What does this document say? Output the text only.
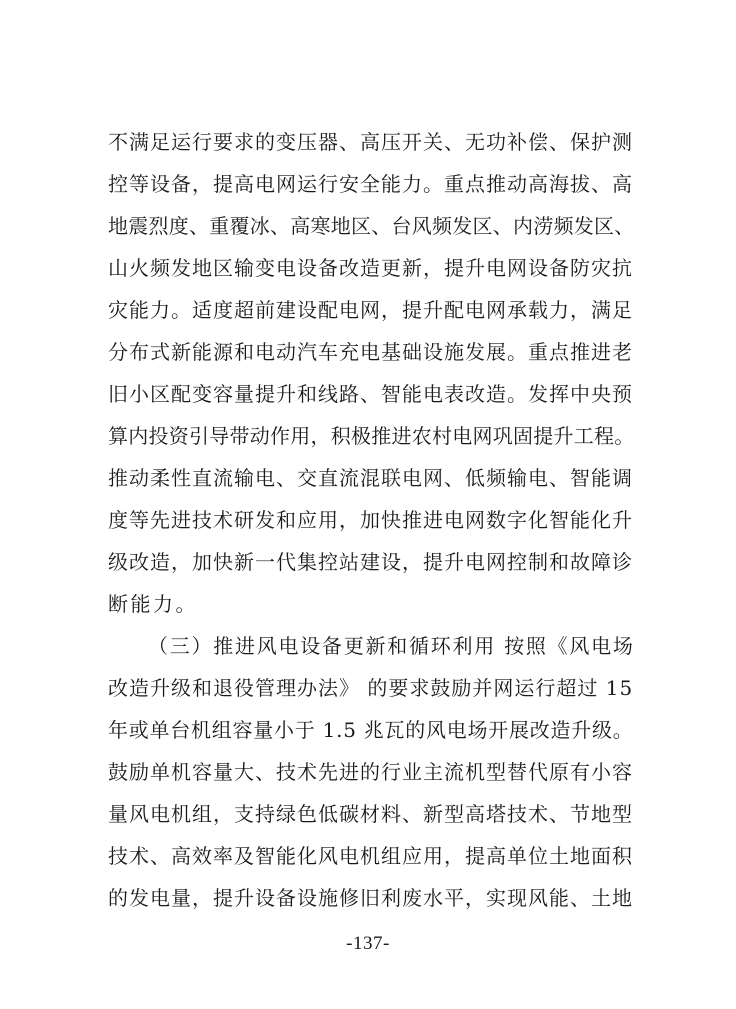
不满足运行要求的变压器、高压开关、无功补偿、保护测
控等设备，提高电网运行安全能力。重点推动高海拔、高
地震烈度、重覆冰、高寒地区、台风频发区、内涝频发区、
山火频发地区输变电设备改造更新，提升电网设备防灾抗
灾能力。适度超前建设配电网，提升配电网承载力，满足
分布式新能源和电动汽车充电基础设施发展。重点推进老
旧小区配变容量提升和线路、智能电表改造。发挥中央预
算内投资引导带动作用，积极推进农村电网巩固提升工程。
推动柔性直流输电、交直流混联电网、低频输电、智能调
度等先进技术研发和应用，加快推进电网数字化智能化升
级改造，加快新一代集控站建设，提升电网控制和故障诊
断能力。
（三）推进风电设备更新和循环利用 按照《风电场
改造升级和退役管理办法》 的要求鼓励并网运行超过 15
年或单台机组容量小于 1.5 兆瓦的风电场开展改造升级。
鼓励单机容量大、技术先进的行业主流机型替代原有小容
量风电机组，支持绿色低碳材料、新型高塔技术、节地型
技术、高效率及智能化风电机组应用，提高单位土地面积
的发电量，提升设备设施修旧利废水平，实现风能、土地
-137-
